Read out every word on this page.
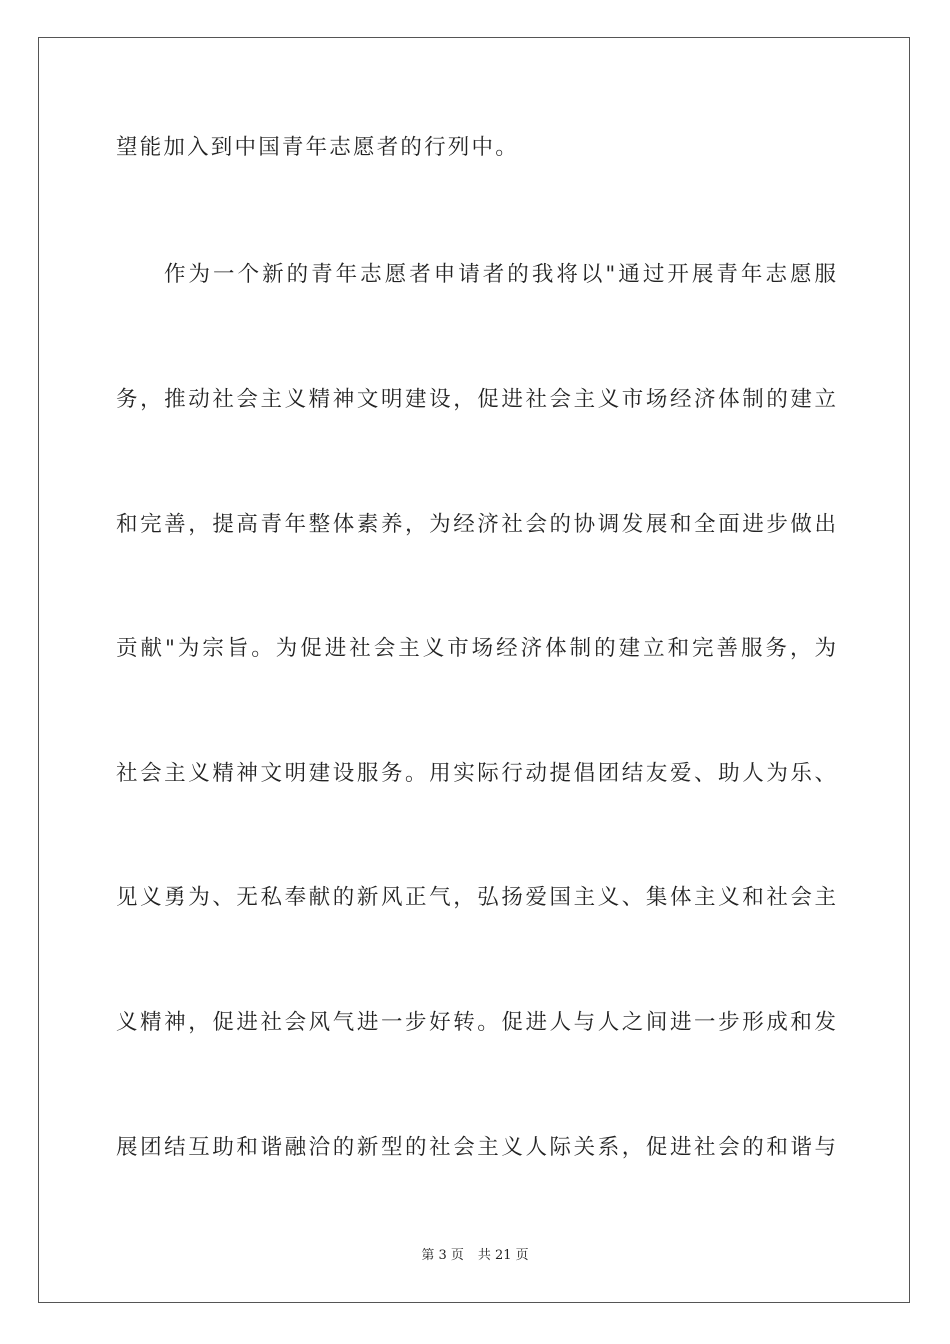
望能加入到中国青年志愿者的行列中。
作为一个新的青年志愿者申请者的我将以"通过开展青年志愿服
务，推动社会主义精神文明建设，促进社会主义市场经济体制的建立
和完善，提高青年整体素养，为经济社会的协调发展和全面进步做出
贡献"为宗旨。为促进社会主义市场经济体制的建立和完善服务，为
社会主义精神文明建设服务。用实际行动提倡团结友爱、助人为乐、
见义勇为、无私奉献的新风正气，弘扬爱国主义、集体主义和社会主
义精神，促进社会风气进一步好转。促进人与人之间进一步形成和发
展团结互助和谐融洽的新型的社会主义人际关系，促进社会的和谐与
第 3 页 共 21 页
